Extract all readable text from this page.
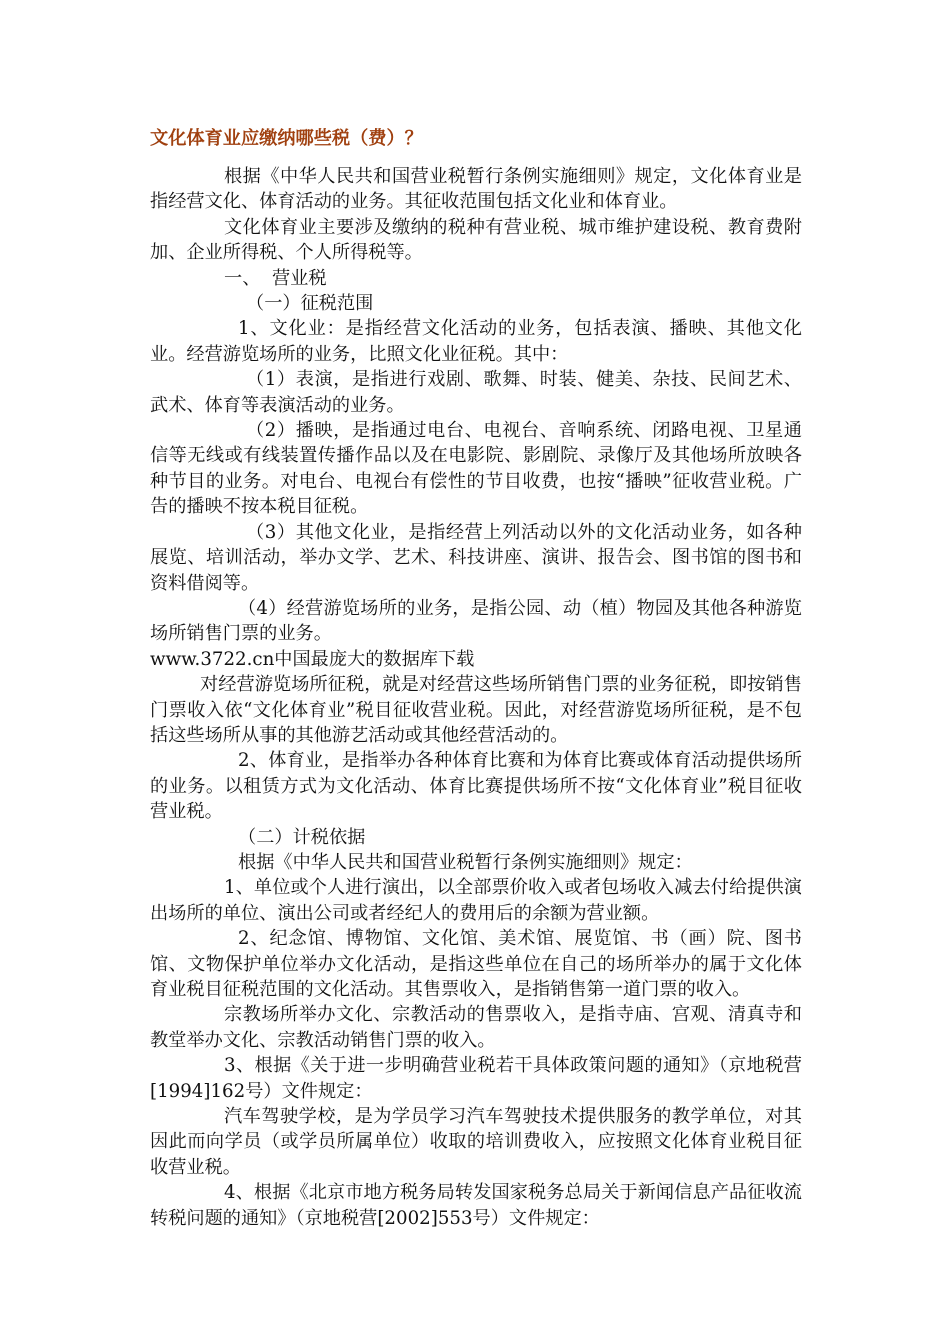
文化体育业应缴纳哪些税（费）？

根据《中华人民共和国营业税暂行条例实施细则》规定，文化体育业是指经营文化、体育活动的业务。其征收范围包括文化业和体育业。

文化体育业主要涉及缴纳的税种有营业税、城市维护建设税、教育费附加、企业所得税、个人所得税等。

一、  营业税

（一）征税范围

1、文化业：是指经营文化活动的业务，包括表演、播映、其他文化业。经营游览场所的业务，比照文化业征税。其中：

（1）表演，是指进行戏剧、歌舞、时装、健美、杂技、民间艺术、武术、体育等表演活动的业务。

（2）播映，是指通过电台、电视台、音响系统、闭路电视、卫星通信等无线或有线装置传播作品以及在电影院、影剧院、录像厅及其他场所放映各种节目的业务。对电台、电视台有偿性的节目收费，也按“播映”征收营业税。广告的播映不按本税目征税。

（3）其他文化业，是指经营上列活动以外的文化活动业务，如各种展览、培训活动，举办文学、艺术、科技讲座、演讲、报告会、图书馆的图书和资料借阅等。

（4）经营游览场所的业务，是指公园、动（植）物园及其他各种游览场所销售门票的业务。

www.3722.cn中国最庞大的数据库下载

对经营游览场所征税，就是对经营这些场所销售门票的业务征税，即按销售门票收入依“文化体育业”税目征收营业税。因此，对经营游览场所征税，是不包括这些场所从事的其他游艺活动或其他经营活动的。

2、体育业，是指举办各种体育比赛和为体育比赛或体育活动提供场所的业务。以租赁方式为文化活动、体育比赛提供场所不按“文化体育业”税目征收营业税。

（二）计税依据

根据《中华人民共和国营业税暂行条例实施细则》规定：

1、单位或个人进行演出，以全部票价收入或者包场收入减去付给提供演出场所的单位、演出公司或者经纪人的费用后的余额为营业额。

2、纪念馆、博物馆、文化馆、美术馆、展览馆、书（画）院、图书馆、文物保护单位举办文化活动，是指这些单位在自己的场所举办的属于文化体育业税目征税范围的文化活动。其售票收入，是指销售第一道门票的收入。

宗教场所举办文化、宗教活动的售票收入，是指寺庙、宫观、清真寺和教堂举办文化、宗教活动销售门票的收入。

3、根据《关于进一步明确营业税若干具体政策问题的通知》（京地税营[1994]162号）文件规定：

汽车驾驶学校，是为学员学习汽车驾驶技术提供服务的教学单位，对其因此而向学员（或学员所属单位）收取的培训费收入，应按照文化体育业税目征收营业税。

4、根据《北京市地方税务局转发国家税务总局关于新闻信息产品征收流转税问题的通知》（京地税营[2002]553号）文件规定：
